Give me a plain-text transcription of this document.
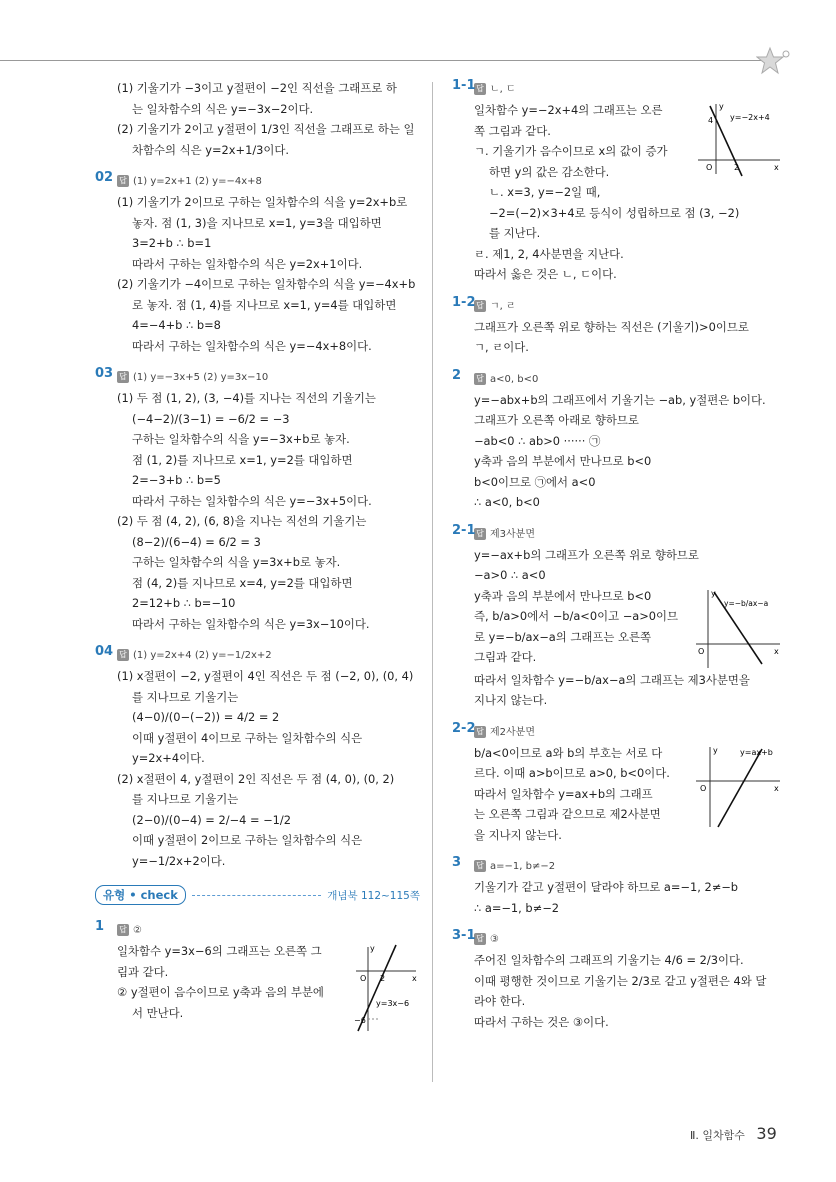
(1) 기울기가 −3이고 y절편이 −2인 직선을 그래프로 하
는 일차함수의 식은 y=−3x−2이다.
(2) 기울기가 2이고 y절편이 1/3인 직선을 그래프로 하는 일
차함수의 식은 y=2x+1/3이다.
02 답 (1) y=2x+1 (2) y=−4x+8
(1) 기울기가 2이므로 구하는 일차함수의 식을 y=2x+b로
놓자. 점 (1, 3)을 지나므로 x=1, y=3을 대입하면
3=2+b ∴ b=1
따라서 구하는 일차함수의 식은 y=2x+1이다.
(2) 기울기가 −4이므로 구하는 일차함수의 식을 y=−4x+b
로 놓자. 점 (1, 4)를 지나므로 x=1, y=4를 대입하면
4=−4+b ∴ b=8
따라서 구하는 일차함수의 식은 y=−4x+8이다.
03 답 (1) y=−3x+5 (2) y=3x−10
(1) 두 점 (1, 2), (3, −4)를 지나는 직선의 기울기는
(−4−2)/(3−1) = −6/2 = −3
구하는 일차함수의 식을 y=−3x+b로 놓자.
점 (1, 2)를 지나므로 x=1, y=2를 대입하면
2=−3+b ∴ b=5
따라서 구하는 일차함수의 식은 y=−3x+5이다.
(2) 두 점 (4, 2), (6, 8)을 지나는 직선의 기울기는
(8−2)/(6−4) = 6/2 = 3
구하는 일차함수의 식을 y=3x+b로 놓자.
점 (4, 2)를 지나므로 x=4, y=2를 대입하면
2=12+b ∴ b=−10
따라서 구하는 일차함수의 식은 y=3x−10이다.
04 답 (1) y=2x+4 (2) y=−1/2x+2
(1) x절편이 −2, y절편이 4인 직선은 두 점 (−2, 0), (0, 4)
를 지나므로 기울기는
(4−0)/(0−(−2)) = 4/2 = 2
이때 y절편이 4이므로 구하는 일차함수의 식은
y=2x+4이다.
(2) x절편이 4, y절편이 2인 직선은 두 점 (4, 0), (0, 2)
를 지나므로 기울기는
(2−0)/(0−4) = 2/−4 = −1/2
이때 y절편이 2이므로 구하는 일차함수의 식은
y=−1/2x+2이다.
유형 • check	개념북 112~115쪽
1 답 ②
일차함수 y=3x−6의 그래프는 오른쪽 그
림과 같다.
② y절편이 음수이므로 y축과 음의 부분에
서 만난다.
y
x
O 2
−6
y=3x−6
1-1 답 ㄴ, ㄷ
일차함수 y=−2x+4의 그래프는 오른
쪽 그림과 같다.
ㄱ. 기울기가 음수이므로 x의 값이 증가
하면 y의 값은 감소한다.
y
x
O
4
2
y=−2x+4
ㄴ. x=3, y=−2일 때,
−2=(−2)×3+4로 등식이 성립하므로 점 (3, −2)
를 지난다.
ㄹ. 제1, 2, 4사분면을 지난다.
따라서 옳은 것은 ㄴ, ㄷ이다.
1-2 답 ㄱ, ㄹ
그래프가 오른쪽 위로 향하는 직선은 (기울기)>0이므로
ㄱ, ㄹ이다.
2 답 a<0, b<0
y=−abx+b의 그래프에서 기울기는 −ab, y절편은 b이다.
그래프가 오른쪽 아래로 향하므로
−ab<0 ∴ ab>0 ······ ㉠
y축과 음의 부분에서 만나므로 b<0
b<0이므로 ㉠에서 a<0
∴ a<0, b<0
2-1 답 제3사분면
y=−ax+b의 그래프가 오른쪽 위로 향하므로
−a>0 ∴ a<0
y축과 음의 부분에서 만나므로 b<0
즉, b/a>0에서 −b/a<0이고 −a>0이므
로 y=−b/ax−a의 그래프는 오른쪽
그림과 같다.
y
x
O
y=−b/ax−a
따라서 일차함수 y=−b/ax−a의 그래프는 제3사분면을
지나지 않는다.
2-2 답 제2사분면
b/a<0이므로 a와 b의 부호는 서로 다
르다. 이때 a>b이므로 a>0, b<0이다.
따라서 일차함수 y=ax+b의 그래프
는 오른쪽 그림과 같으므로 제2사분면
을 지나지 않는다.
y
x
O
y=ax+b
3 답 a=−1, b≠−2
기울기가 같고 y절편이 달라야 하므로 a=−1, 2≠−b
∴ a=−1, b≠−2
3-1 답 ③
주어진 일차함수의 그래프의 기울기는 4/6 = 2/3이다.
이때 평행한 것이므로 기울기는 2/3로 같고 y절편은 4와 달
라야 한다.
따라서 구하는 것은 ③이다.
Ⅱ. 일차함수 39
